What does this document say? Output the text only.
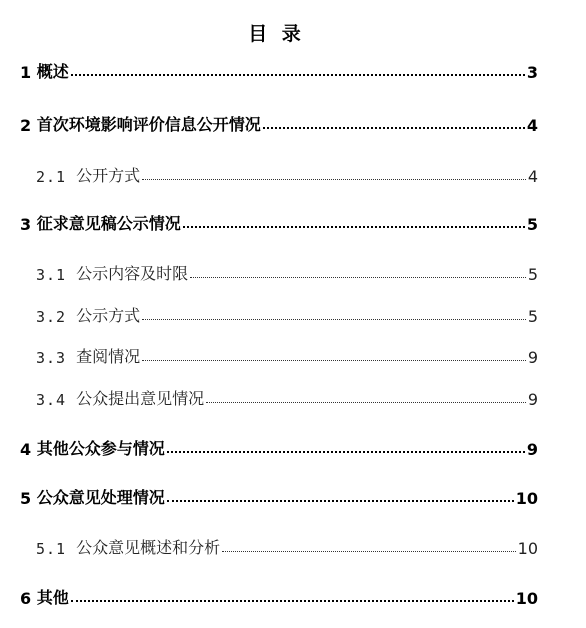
目 录
1 概述	3
2 首次环境影响评价信息公开情况	4
2.1 公开方式	4
3 征求意见稿公示情况	5
3.1 公示内容及时限	5
3.2 公示方式	5
3.3 查阅情况	9
3.4 公众提出意见情况	9
4 其他公众参与情况	9
5 公众意见处理情况	10
5.1 公众意见概述和分析	10
6 其他	10
